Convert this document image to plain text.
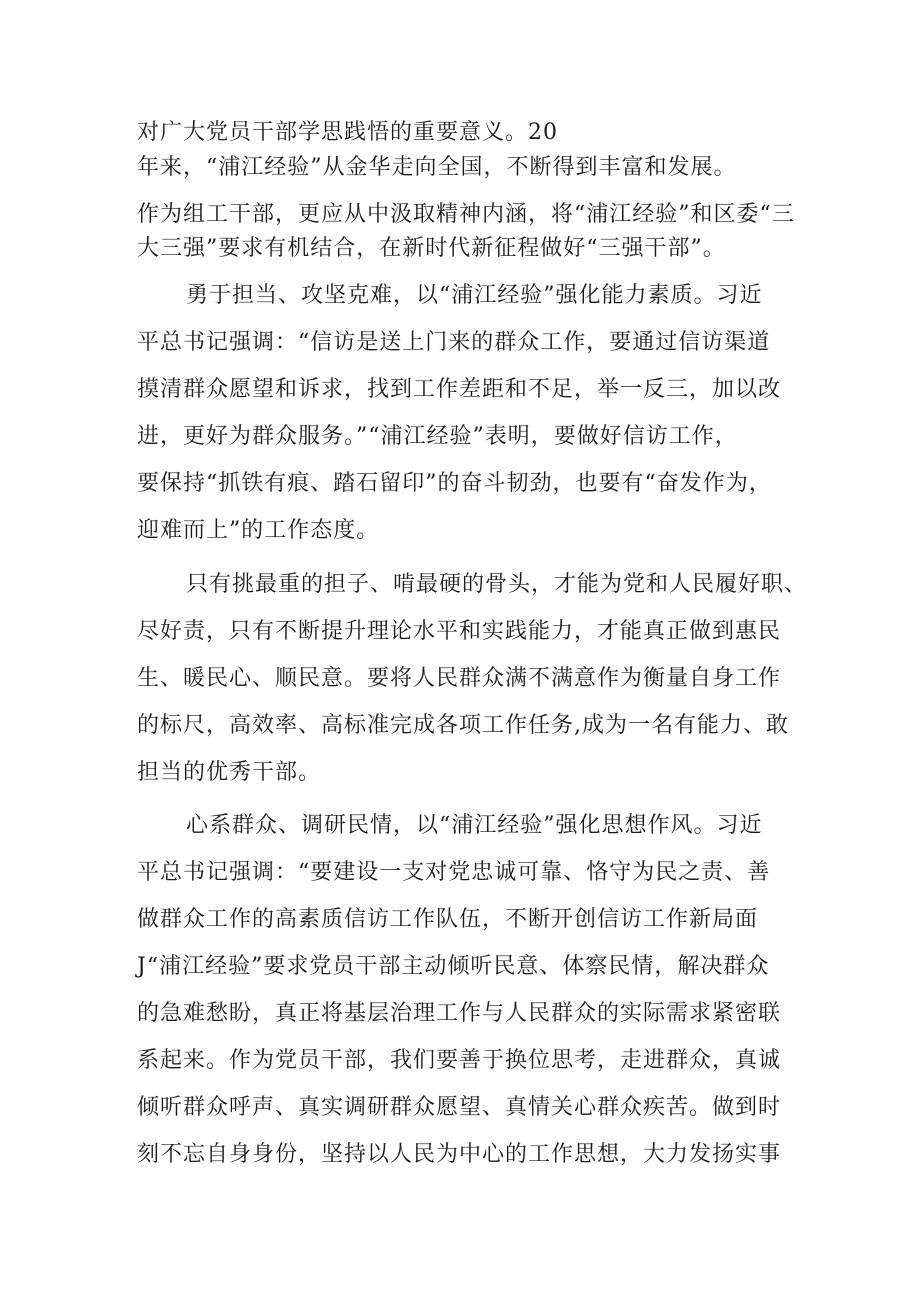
对广大党员干部学思践悟的重要意义。20
年来，“浦江经验”从金华走向全国，不断得到丰富和发展。
作为组工干部，更应从中汲取精神内涵，将“浦江经验”和区委“三
大三强”要求有机结合，在新时代新征程做好“三强干部”。
勇于担当、攻坚克难，以“浦江经验”强化能力素质。习近
平总书记强调：“信访是送上门来的群众工作，要通过信访渠道
摸清群众愿望和诉求，找到工作差距和不足，举一反三，加以改
进，更好为群众服务。”“浦江经验”表明，要做好信访工作，
要保持“抓铁有痕、踏石留印”的奋斗韧劲，也要有“奋发作为，
迎难而上”的工作态度。
只有挑最重的担子、啃最硬的骨头，才能为党和人民履好职、
尽好责，只有不断提升理论水平和实践能力，才能真正做到惠民
生、暖民心、顺民意。要将人民群众满不满意作为衡量自身工作
的标尺，高效率、高标准完成各项工作任务,成为一名有能力、敢
担当的优秀干部。
心系群众、调研民情，以“浦江经验”强化思想作风。习近
平总书记强调：“要建设一支对党忠诚可靠、恪守为民之责、善
做群众工作的高素质信访工作队伍，不断开创信访工作新局面
J“浦江经验”要求党员干部主动倾听民意、体察民情，解决群众
的急难愁盼，真正将基层治理工作与人民群众的实际需求紧密联
系起来。作为党员干部，我们要善于换位思考，走进群众，真诚
倾听群众呼声、真实调研群众愿望、真情关心群众疾苦。做到时
刻不忘自身身份，坚持以人民为中心的工作思想，大力发扬实事
